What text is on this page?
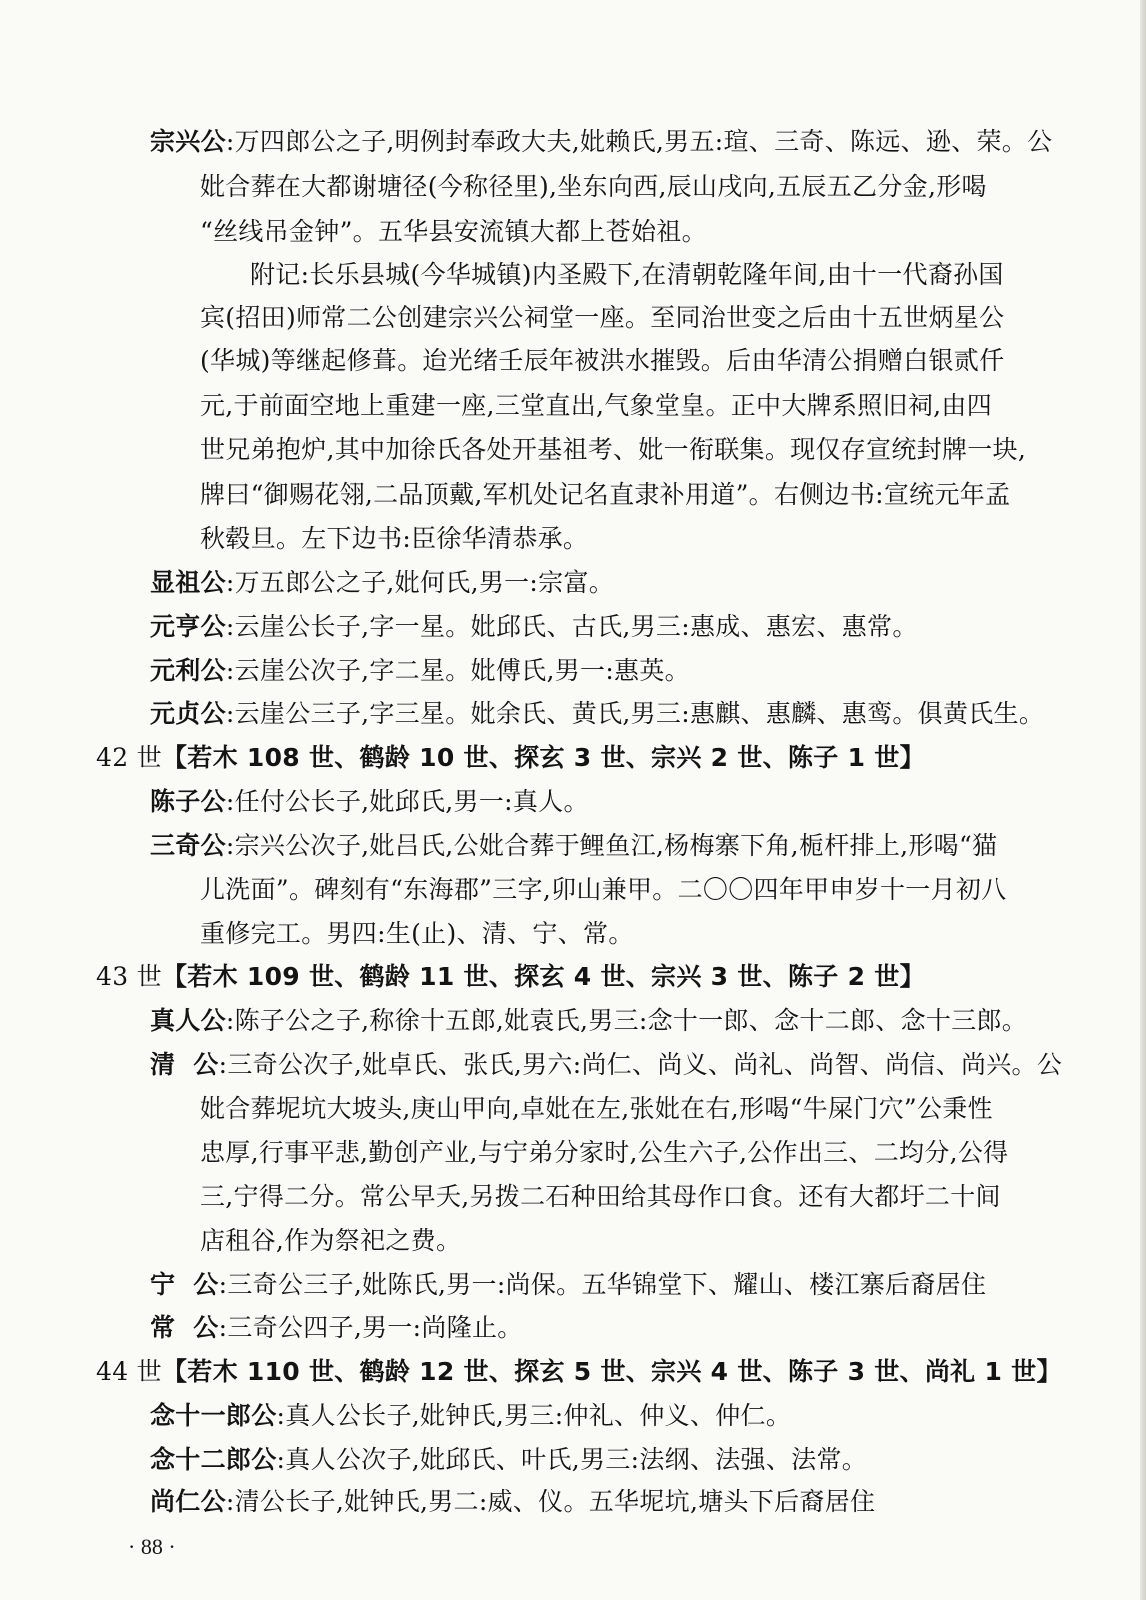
宗兴公:万四郎公之子,明例封奉政大夫,妣赖氏,男五:瑄、三奇、陈远、逊、荣。公
妣合葬在大都谢塘径(今称径里),坐东向西,辰山戌向,五辰五乙分金,形喝
“丝线吊金钟”。五华县安流镇大都上苍始祖。
附记:长乐县城(今华城镇)内圣殿下,在清朝乾隆年间,由十一代裔孙国
宾(招田)师常二公创建宗兴公祠堂一座。至同治世变之后由十五世炳星公
(华城)等继起修葺。迨光绪壬辰年被洪水摧毁。后由华清公捐赠白银贰仟
元,于前面空地上重建一座,三堂直出,气象堂皇。正中大牌系照旧祠,由四
世兄弟抱炉,其中加徐氏各处开基祖考、妣一衔联集。现仅存宣统封牌一块,
牌曰“御赐花翎,二品顶戴,军机处记名直隶补用道”。右侧边书:宣统元年孟
秋毂旦。左下边书:臣徐华清恭承。
显祖公:万五郎公之子,妣何氏,男一:宗富。
元亨公:云崖公长子,字一星。妣邱氏、古氏,男三:惠成、惠宏、惠常。
元利公:云崖公次子,字二星。妣傅氏,男一:惠英。
元贞公:云崖公三子,字三星。妣余氏、黄氏,男三:惠麒、惠麟、惠鸾。俱黄氏生。
42 世【若木 108 世、鹤龄 10 世、探玄 3 世、宗兴 2 世、陈子 1 世】
陈子公:任付公长子,妣邱氏,男一:真人。
三奇公:宗兴公次子,妣吕氏,公妣合葬于鲤鱼江,杨梅寨下角,栀杆排上,形喝“猫
儿洗面”。碑刻有“东海郡”三字,卯山兼甲。二〇〇四年甲申岁十一月初八
重修完工。男四:生(止)、清、宁、常。
43 世【若木 109 世、鹤龄 11 世、探玄 4 世、宗兴 3 世、陈子 2 世】
真人公:陈子公之子,称徐十五郎,妣袁氏,男三:念十一郎、念十二郎、念十三郎。
清  公:三奇公次子,妣卓氏、张氏,男六:尚仁、尚义、尚礼、尚智、尚信、尚兴。公
妣合葬坭坑大坡头,庚山甲向,卓妣在左,张妣在右,形喝“牛屎门穴”公秉性
忠厚,行事平悲,勤创产业,与宁弟分家时,公生六子,公作出三、二均分,公得
三,宁得二分。常公早夭,另拨二石种田给其母作口食。还有大都圩二十间
店租谷,作为祭祀之费。
宁  公:三奇公三子,妣陈氏,男一:尚保。五华锦堂下、耀山、楼江寨后裔居住
常  公:三奇公四子,男一:尚隆止。
44 世【若木 110 世、鹤龄 12 世、探玄 5 世、宗兴 4 世、陈子 3 世、尚礼 1 世】
念十一郎公:真人公长子,妣钟氏,男三:仲礼、仲义、仲仁。
念十二郎公:真人公次子,妣邱氏、叶氏,男三:法纲、法强、法常。
尚仁公:清公长子,妣钟氏,男二:威、仪。五华坭坑,塘头下后裔居住
· 88 ·
